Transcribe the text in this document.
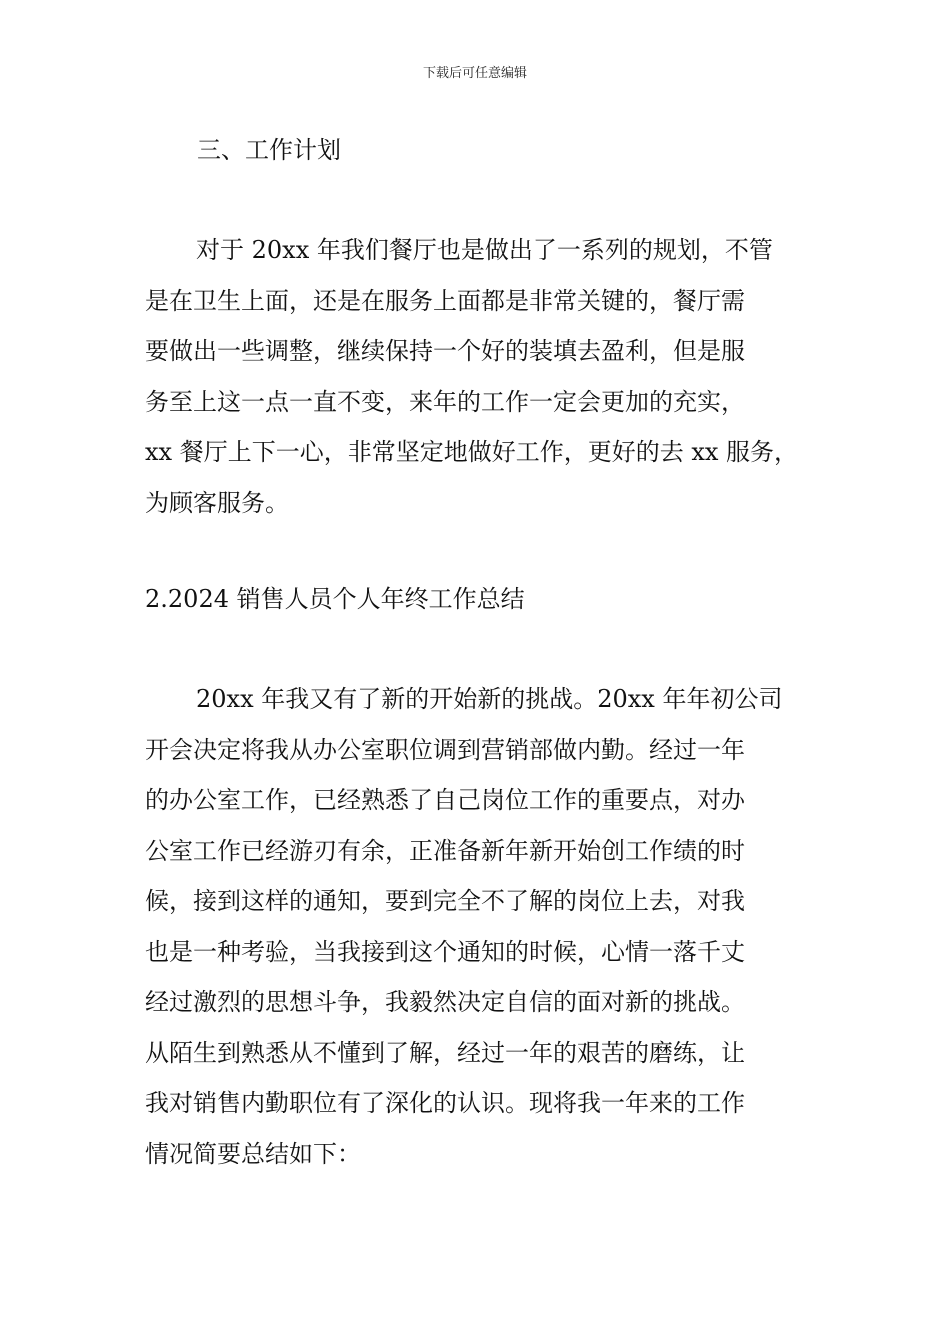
下载后可任意编辑
三、工作计划
对于 20xx 年我们餐厅也是做出了一系列的规划，不管
是在卫生上面，还是在服务上面都是非常关键的，餐厅需
要做出一些调整，继续保持一个好的装填去盈利，但是服
务至上这一点一直不变，来年的工作一定会更加的充实，
xx 餐厅上下一心，非常坚定地做好工作，更好的去 xx 服务，
为顾客服务。
2.2024 销售人员个人年终工作总结
20xx 年我又有了新的开始新的挑战。20xx 年年初公司
开会决定将我从办公室职位调到营销部做内勤。经过一年
的办公室工作，已经熟悉了自己岗位工作的重要点，对办
公室工作已经游刃有余，正准备新年新开始创工作绩的时
候，接到这样的通知，要到完全不了解的岗位上去，对我
也是一种考验，当我接到这个通知的时候，心情一落千丈
经过激烈的思想斗争，我毅然决定自信的面对新的挑战。
从陌生到熟悉从不懂到了解，经过一年的艰苦的磨练，让
我对销售内勤职位有了深化的认识。现将我一年来的工作
情况简要总结如下：
